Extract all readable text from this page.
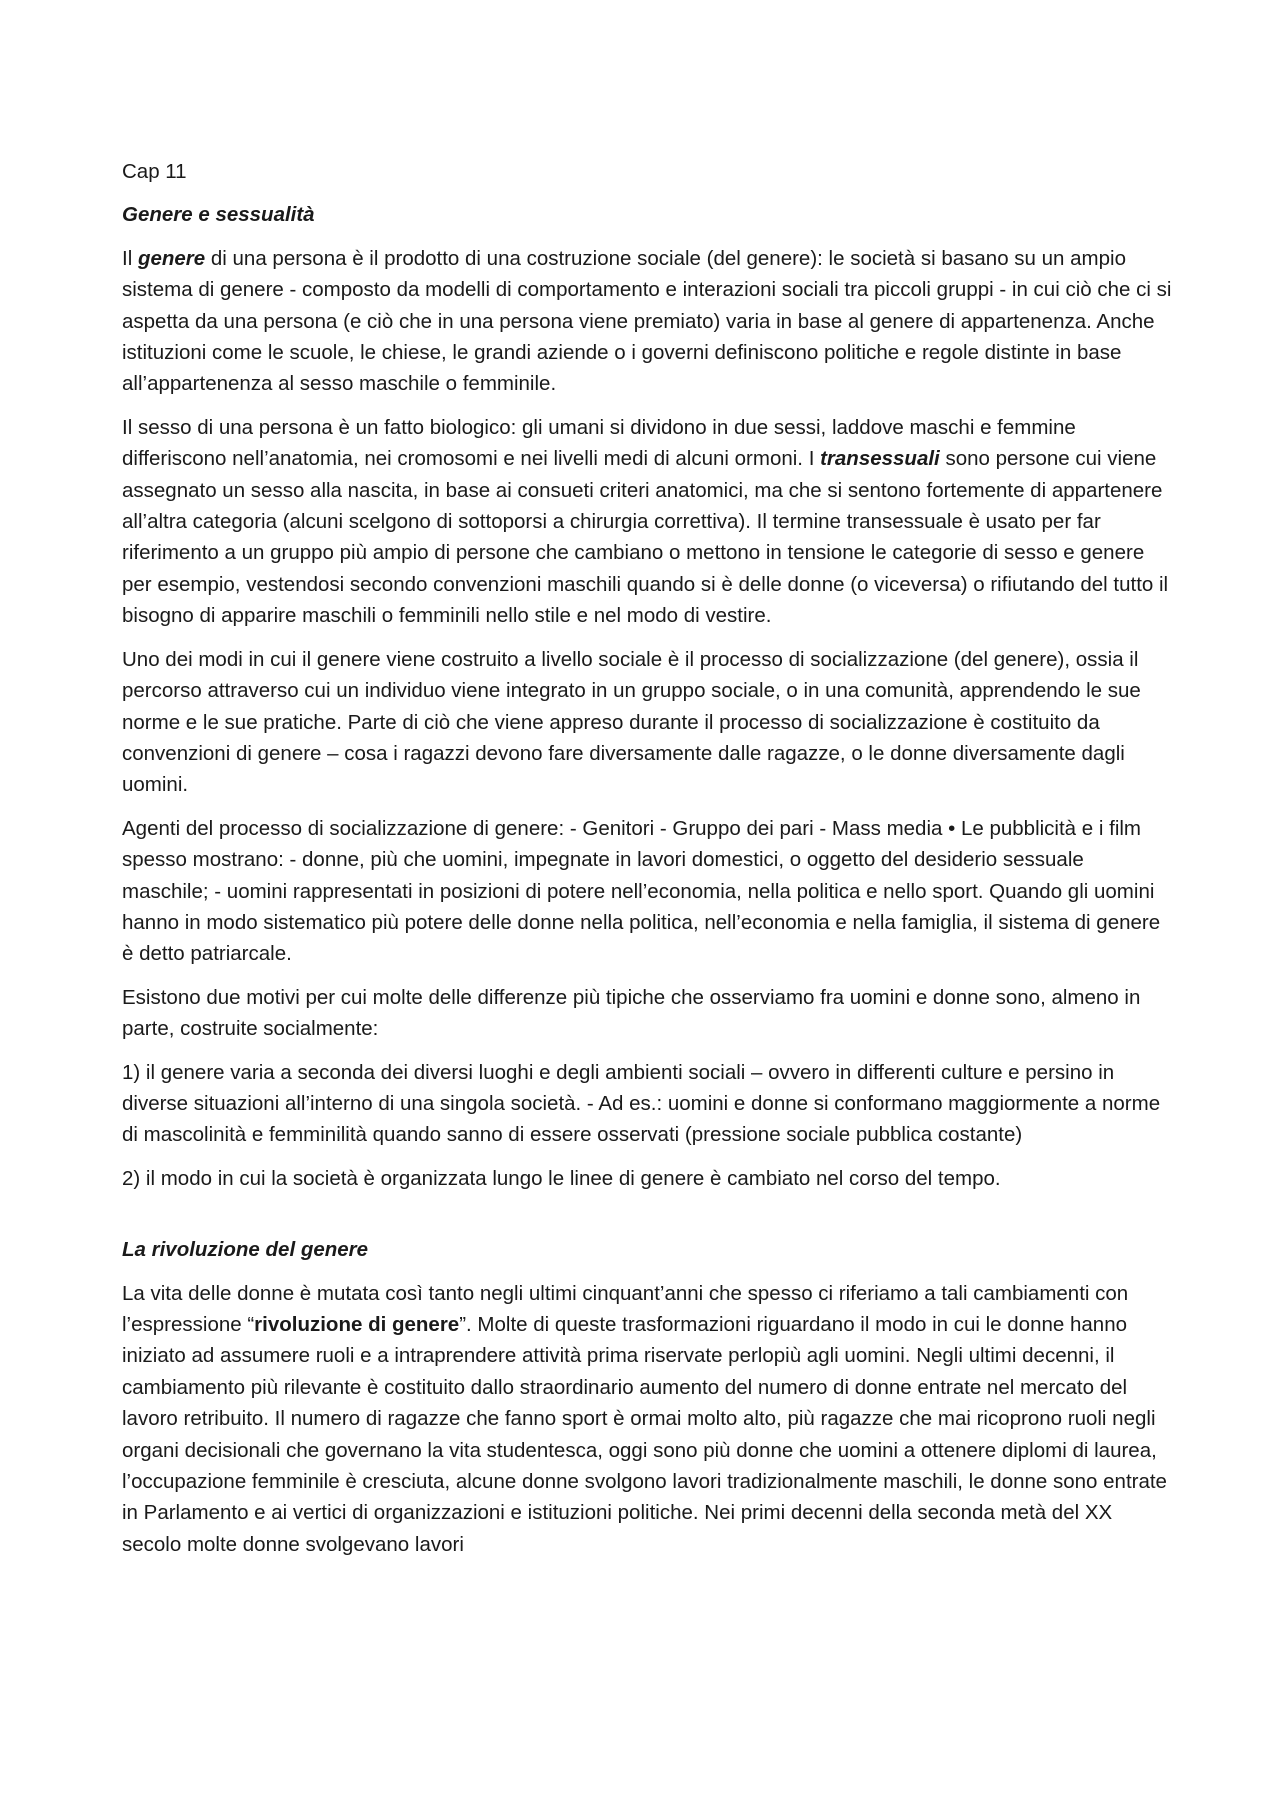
Cap 11

Genere e sessualità

Il genere di una persona è il prodotto di una costruzione sociale (del genere): le società si basano su un ampio sistema di genere - composto da modelli di comportamento e interazioni sociali tra piccoli gruppi - in cui ciò che ci si aspetta da una persona (e ciò che in una persona viene premiato) varia in base al genere di appartenenza. Anche istituzioni come le scuole, le chiese, le grandi aziende o i governi definiscono politiche e regole distinte in base all’appartenenza al sesso maschile o femminile.

Il sesso di una persona è un fatto biologico: gli umani si dividono in due sessi, laddove maschi e femmine differiscono nell’anatomia, nei cromosomi e nei livelli medi di alcuni ormoni. I transessuali sono persone cui viene assegnato un sesso alla nascita, in base ai consueti criteri anatomici, ma che si sentono fortemente di appartenere all’altra categoria (alcuni scelgono di sottoporsi a chirurgia correttiva). Il termine transessuale è usato per far riferimento a un gruppo più ampio di persone che cambiano o mettono in tensione le categorie di sesso e genere per esempio, vestendosi secondo convenzioni maschili quando si è delle donne (o viceversa) o rifiutando del tutto il bisogno di apparire maschili o femminili nello stile e nel modo di vestire.

Uno dei modi in cui il genere viene costruito a livello sociale è il processo di socializzazione (del genere), ossia il percorso attraverso cui un individuo viene integrato in un gruppo sociale, o in una comunità, apprendendo le sue norme e le sue pratiche. Parte di ciò che viene appreso durante il processo di socializzazione è costituito da convenzioni di genere – cosa i ragazzi devono fare diversamente dalle ragazze, o le donne diversamente dagli uomini.

Agenti del processo di socializzazione di genere: - Genitori - Gruppo dei pari - Mass media • Le pubblicità e i film spesso mostrano: - donne, più che uomini, impegnate in lavori domestici, o oggetto del desiderio sessuale maschile; - uomini rappresentati in posizioni di potere nell’economia, nella politica e nello sport. Quando gli uomini hanno in modo sistematico più potere delle donne nella politica, nell’economia e nella famiglia, il sistema di genere è detto patriarcale.

Esistono due motivi per cui molte delle differenze più tipiche che osserviamo fra uomini e donne sono, almeno in parte, costruite socialmente:

1) il genere varia a seconda dei diversi luoghi e degli ambienti sociali – ovvero in differenti culture e persino in diverse situazioni all’interno di una singola società. - Ad es.: uomini e donne si conformano maggiormente a norme di mascolinità e femminilità quando sanno di essere osservati (pressione sociale pubblica costante)

2) il modo in cui la società è organizzata lungo le linee di genere è cambiato nel corso del tempo.

La rivoluzione del genere

La vita delle donne è mutata così tanto negli ultimi cinquant’anni che spesso ci riferiamo a tali cambiamenti con l’espressione “rivoluzione di genere”. Molte di queste trasformazioni riguardano il modo in cui le donne hanno iniziato ad assumere ruoli e a intraprendere attività prima riservate perlopiù agli uomini. Negli ultimi decenni, il cambiamento più rilevante è costituito dallo straordinario aumento del numero di donne entrate nel mercato del lavoro retribuito. Il numero di ragazze che fanno sport è ormai molto alto, più ragazze che mai ricoprono ruoli negli organi decisionali che governano la vita studentesca, oggi sono più donne che uomini a ottenere diplomi di laurea, l’occupazione femminile è cresciuta, alcune donne svolgono lavori tradizionalmente maschili, le donne sono entrate in Parlamento e ai vertici di organizzazioni e istituzioni politiche. Nei primi decenni della seconda metà del XX secolo molte donne svolgevano lavori
